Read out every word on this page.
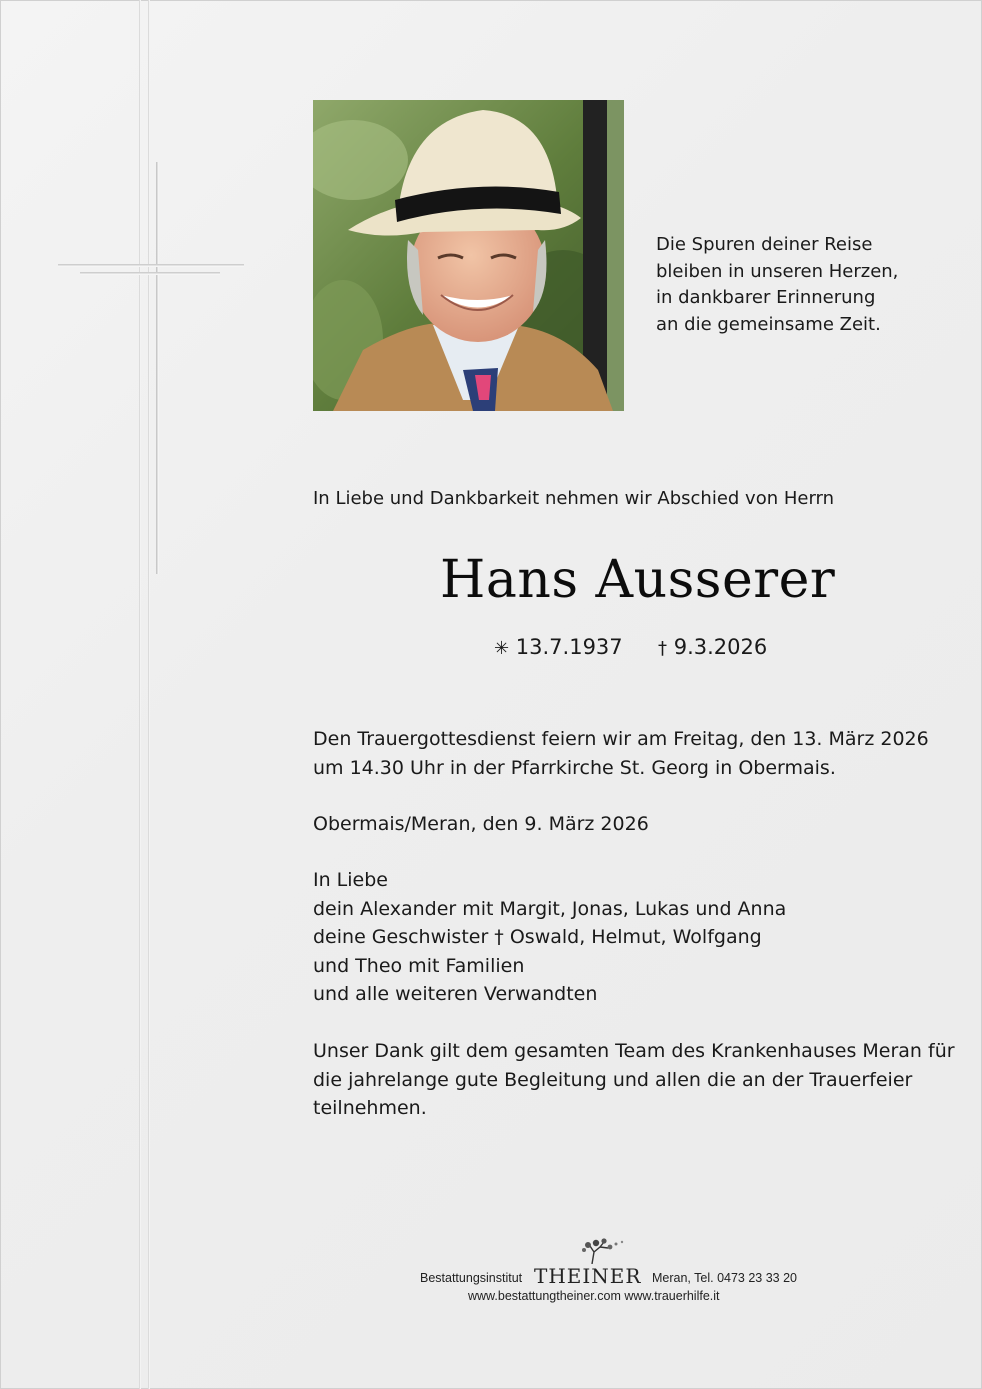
Die Spuren deiner Reise
bleiben in unseren Herzen,
in dankbarer Erinnerung
an die gemeinsame Zeit.
In Liebe und Dankbarkeit nehmen wir Abschied von Herrn
Hans Ausserer
✳ 13.7.1937 † 9.3.2026
Den Trauergottesdienst feiern wir am Freitag, den 13. März 2026
um 14.30 Uhr in der Pfarrkirche St. Georg in Obermais.
Obermais/Meran, den 9. März 2026
In Liebe
dein Alexander mit Margit, Jonas, Lukas und Anna
deine Geschwister † Oswald, Helmut, Wolfgang
und Theo mit Familien
und alle weiteren Verwandten
Unser Dank gilt dem gesamten Team des Krankenhauses Meran für
die jahrelange gute Begleitung und allen die an der Trauerfeier
teilnehmen.
Bestattungsinstitut THEINER Meran, Tel. 0473 23 33 20
www.bestattungtheiner.com www.trauerhilfe.it
